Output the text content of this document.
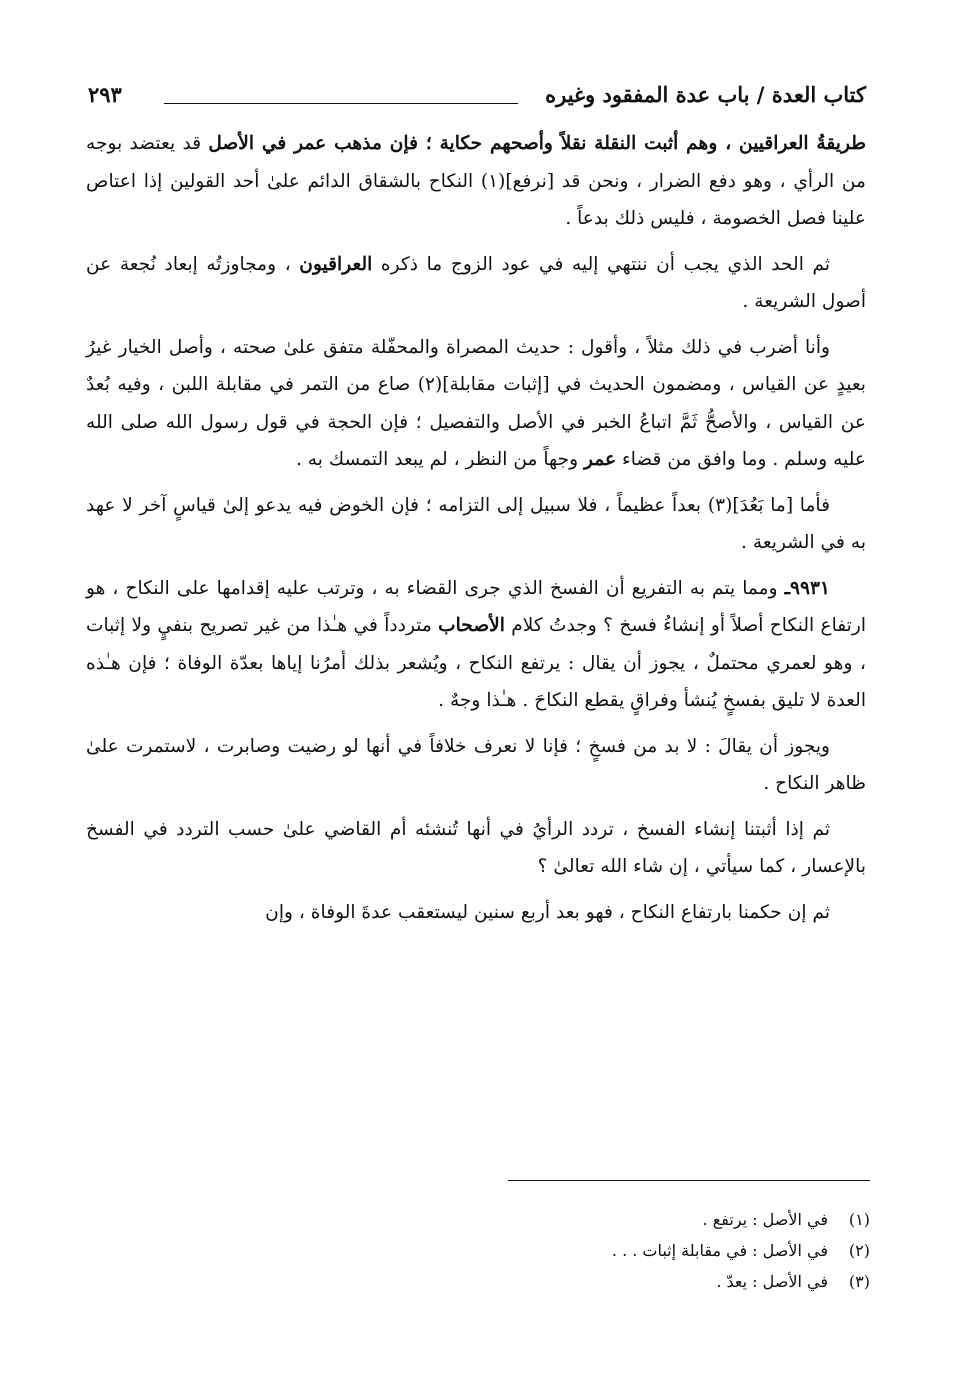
كتاب العدة / باب عدة المفقود وغيره
٢٩٣

طريقةُ العراقيين ، وهم أثبت النقلة نقلاً وأصحهم حكاية ؛ فإن مذهب عمر في الأصل قد يعتضد بوجه من الرأي ، وهو دفع الضرار ، ونحن قد [نرفع](١) النكاح بالشقاق الدائم علىٰ أحد القولين إذا اعتاص علينا فصل الخصومة ، فليس ذلك بدعاً .

ثم الحد الذي يجب أن ننتهي إليه في عود الزوج ما ذكره العراقيون ، ومجاوزتُه إبعاد نُجعة عن أصول الشريعة .

وأنا أضرب في ذلك مثلاً ، وأقول : حديث المصراة والمحفّلة متفق علىٰ صحته ، وأصل الخيار غيرُ بعيدٍ عن القياس ، ومضمون الحديث في [إثبات مقابلة](٢) صاع من التمر في مقابلة اللبن ، وفيه بُعدٌ عن القياس ، والأصحُّ ثَمَّ اتباعُ الخبر في الأصل والتفصيل ؛ فإن الحجة في قول رسول الله صلى الله عليه وسلم . وما وافق من قضاء عمر وجهاً من النظر ، لم يبعد التمسك به .

فأما [ما بَعُدَ](٣) بعداً عظيماً ، فلا سبيل إلى التزامه ؛ فإن الخوض فيه يدعو إلىٰ قياسٍ آخر لا عهد به في الشريعة .

٩٩٣١ـ ومما يتم به التفريع أن الفسخ الذي جرى القضاء به ، وترتب عليه إقدامها على النكاح ، هو ارتفاع النكاح أصلاً أو إنشاءُ فسخ ؟ وجدتُ كلام الأصحاب متردداً في هـٰذا من غير تصريح بنفيٍ ولا إثبات ، وهو لعمري محتملٌ ، يجوز أن يقال : يرتفع النكاح ، ويُشعر بذلك أمرُنا إياها بعدّة الوفاة ؛ فإن هـٰذه العدة لا تليق بفسخٍ يُنشأ وفراقٍ يقطع النكاحَ . هـٰذا وجهٌ .

ويجوز أن يقالَ : لا بد من فسخٍ ؛ فإنا لا نعرف خلافاً في أنها لو رضيت وصابرت ، لاستمرت علىٰ ظاهر النكاح .

ثم إذا أثبتنا إنشاء الفسخ ، تردد الرأيُ في أنها تُنشئه أم القاضي علىٰ حسب التردد في الفسخ بالإعسار ، كما سيأتي ، إن شاء الله تعالىٰ ؟

ثم إن حكمنا بارتفاع النكاح ، فهو بعد أربع سنين ليستعقب عدةَ الوفاة ، وإن

(١)في الأصل : يرتفع .
(٢)في الأصل : في مقابلة إثبات . . .
(٣)في الأصل : يعدّ .
